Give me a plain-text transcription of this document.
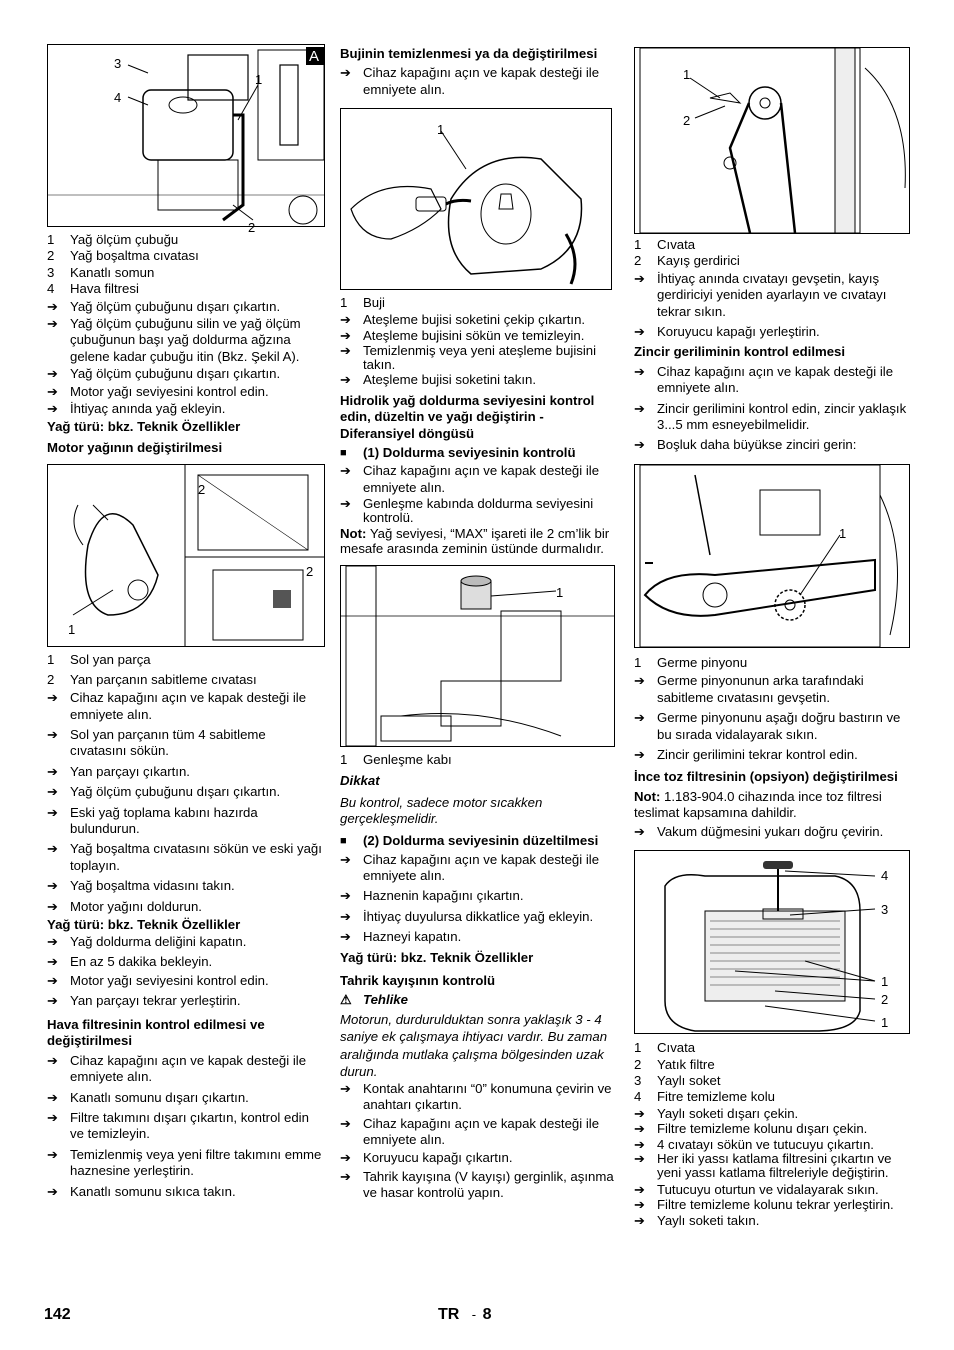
3
4
1
2
A
1	Yağ ölçüm çubuğu
2	Yağ boşaltma cıvatası
3	Kanatlı somun
4	Hava filtresi
➔ Yağ ölçüm çubuğunu dışarı çıkartın.
➔ Yağ ölçüm çubuğunu silin ve yağ ölçüm çubuğunun başı yağ doldurma ağzına gelene kadar çubuğu itin (Bkz. Şekil A).
➔ Yağ ölçüm çubuğunu dışarı çıkartın.
➔ Motor yağı seviyesini kontrol edin.
➔ İhtiyaç anında yağ ekleyin.
Yağ türü: bkz. Teknik Özellikler
Motor yağının değiştirilmesi
2
1
2
1	Sol yan parça
2	Yan parçanın sabitleme cıvatası
➔ Cihaz kapağını açın ve kapak desteği ile emniyete alın.
➔ Sol yan parçanın tüm 4 sabitleme cıvatasını sökün.
➔ Yan parçayı çıkartın.
➔ Yağ ölçüm çubuğunu dışarı çıkartın.
➔ Eski yağ toplama kabını hazırda bulundurun.
➔ Yağ boşaltma cıvatasını sökün ve eski yağı toplayın.
➔ Yağ boşaltma vidasını takın.
➔ Motor yağını doldurun.
Yağ türü: bkz. Teknik Özellikler
➔ Yağ doldurma deliğini kapatın.
➔ En az 5 dakika bekleyin.
➔ Motor yağı seviyesini kontrol edin.
➔ Yan parçayı tekrar yerleştirin.
Hava filtresinin kontrol edilmesi ve değiştirilmesi
➔ Cihaz kapağını açın ve kapak desteği ile emniyete alın.
➔ Kanatlı somunu dışarı çıkartın.
➔ Filtre takımını dışarı çıkartın, kontrol edin ve temizleyin.
➔ Temizlenmiş veya yeni filtre takımını emme haznesine yerleştirin.
➔ Kanatlı somunu sıkıca takın.
Bujinin temizlenmesi ya da değiştirilmesi
➔ Cihaz kapağını açın ve kapak desteği ile emniyete alın.
1
1	Buji
➔ Ateşleme bujisi soketini çekip çıkartın.
➔ Ateşleme bujisini sökün ve temizleyin.
➔ Temizlenmiş veya yeni ateşleme bujisini takın.
➔ Ateşleme bujisi soketini takın.
Hidrolik yağ doldurma seviyesini kontrol edin, düzeltin ve yağı değiştirin - Diferansiyel döngüsü
■	(1) Doldurma seviyesinin kontrolü
➔ Cihaz kapağını açın ve kapak desteği ile emniyete alın.
➔ Genleşme kabında doldurma seviyesini kontrolü.
Not: Yağ seviyesi, “MAX” işareti ile 2 cm’lik bir mesafe arasında zeminin üstünde durmalıdır.
1
1	Genleşme kabı
Dikkat
Bu kontrol, sadece motor sıcakken gerçekleşmelidir.
■	(2) Doldurma seviyesinin düzeltilmesi
➔ Cihaz kapağını açın ve kapak desteği ile emniyete alın.
➔ Haznenin kapağını çıkartın.
➔ İhtiyaç duyulursa dikkatlice yağ ekleyin.
➔ Hazneyi kapatın.
Yağ türü: bkz. Teknik Özellikler
Tahrik kayışının kontrolü
⚠ Tehlike
Motorun, durdurulduktan sonra yaklaşık 3 - 4 saniye ek çalışmaya ihtiyacı vardır. Bu zaman aralığında mutlaka çalışma bölgesinden uzak durun.
➔ Kontak anahtarını “0” konumuna çevirin ve anahtarı çıkartın.
➔ Cihaz kapağını açın ve kapak desteği ile emniyete alın.
➔ Koruyucu kapağı çıkartın.
➔ Tahrik kayışına (V kayışı) gerginlik, aşınma ve hasar kontrolü yapın.
1
2
1	Cıvata
2	Kayış gerdirici
➔ İhtiyaç anında cıvatayı gevşetin, kayış gerdiriciyi yeniden ayarlayın ve cıvatayı tekrar sıkın.
➔ Koruyucu kapağı yerleştirin.
Zincir geriliminin kontrol edilmesi
➔ Cihaz kapağını açın ve kapak desteği ile emniyete alın.
➔ Zincir gerilimini kontrol edin, zincir yaklaşık 3...5 mm esneyebilmelidir.
➔ Boşluk daha büyükse zinciri gerin:
1
1	Germe pinyonu
➔ Germe pinyonunun arka tarafındaki sabitleme cıvatasını gevşetin.
➔ Germe pinyonunu aşağı doğru bastırın ve bu sırada vidalayarak sıkın.
➔ Zincir gerilimini tekrar kontrol edin.
İnce toz filtresinin (opsiyon) değiştirilmesi
Not: 1.183-904.0 cihazında ince toz filtresi teslimat kapsamına dahildir.
➔ Vakum düğmesini yukarı doğru çevirin.
4
3
1
2
1
1	Cıvata
2	Yatık filtre
3	Yaylı soket
4	Fitre temizleme kolu
➔ Yaylı soketi dışarı çekin.
➔ Filtre temizleme kolunu dışarı çekin.
➔ 4 cıvatayı sökün ve tutucuyu çıkartın.
➔ Her iki yassı katlama filtresini çıkartın ve yeni yassı katlama filtreleriyle değiştirin.
➔ Tutucuyu oturtun ve vidalayarak sıkın.
➔ Filtre temizleme kolunu tekrar yerleştirin.
➔ Yaylı soketi takın.
142	TR - 8
